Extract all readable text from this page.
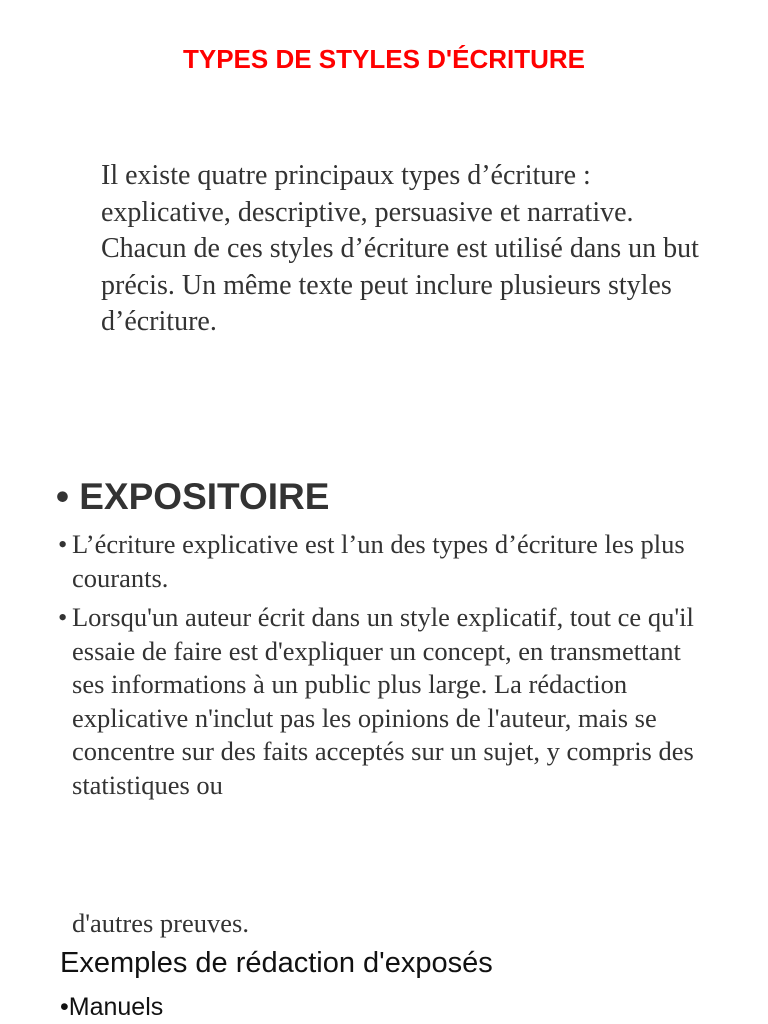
TYPES DE STYLES D'ÉCRITURE
Il existe quatre principaux types d’écriture : explicative, descriptive, persuasive et narrative. Chacun de ces styles d’écriture est utilisé dans un but précis. Un même texte peut inclure plusieurs styles d’écriture.
• EXPOSITOIRE
• L’écriture explicative est l’un des types d’écriture les plus courants.
• Lorsqu'un auteur écrit dans un style explicatif, tout ce qu'il essaie de faire est d'expliquer un concept, en transmettant ses informations à un public plus large. La rédaction explicative n'inclut pas les opinions de l'auteur, mais se concentre sur des faits acceptés sur un sujet, y compris des statistiques ou
d'autres preuves.
Exemples de rédaction d'exposés
•Manuels
